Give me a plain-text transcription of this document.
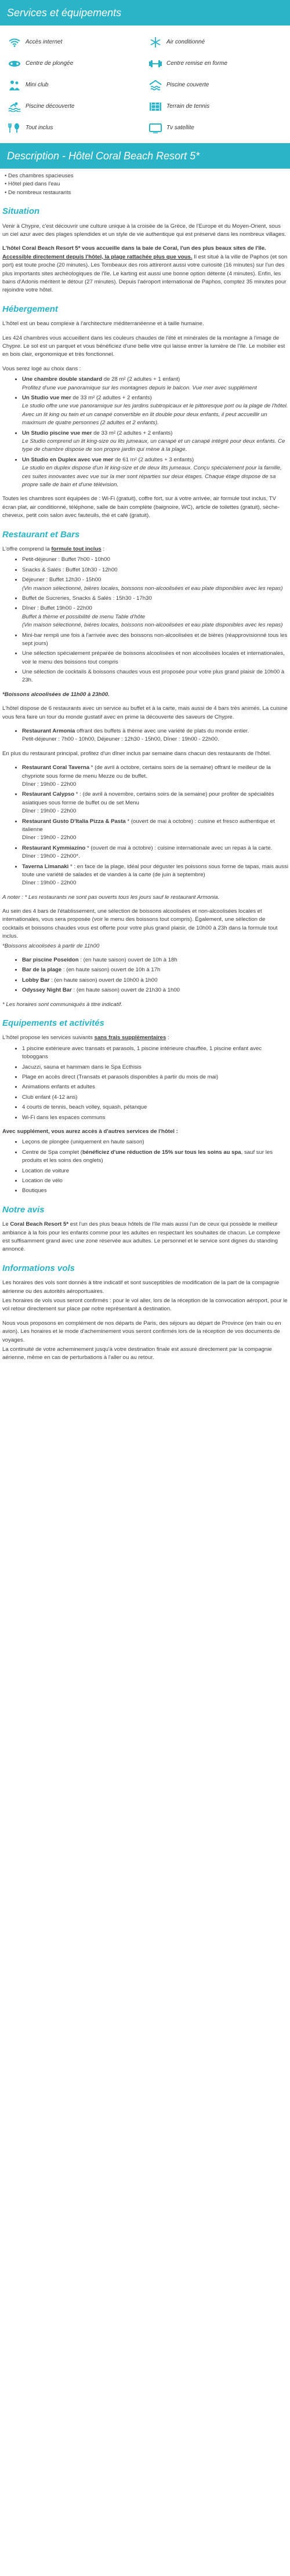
Services et équipements
Accès internet	Air conditionné
Centre de plongée	Centre remise en forme
Mini club	Piscine couverte
Piscine découverte	Terrain de tennis
Tout inclus	Tv satellite
Description - Hôtel Coral Beach Resort 5*
• Des chambres spacieuses
• Hôtel pied dans l'eau
• De nombreux restaurants
Situation

Venir à Chypre, c'est découvrir une culture unique à la croisée de la Grèce, de l'Europe et du Moyen-Orient, sous un ciel azur avec des plages splendides et un style de vie authentique qui est préservé dans les nombreux villages.

L'hôtel Coral Beach Resort 5* vous accueille dans la baie de Coral, l'un des plus beaux sites de l'île. Accessible directement depuis l'hôtel, la plage rattachée plus que vous. Il est situé à la ville de Paphos (et son port) est toute proche (20 minutes). Les Tombeaux des rois attireront aussi votre curiosité (16 minutes) sur l'un des plus importants sites archéologiques de l'île. Le karting est aussi une bonne option détente (4 minutes). Enfin, les bains d'Adonis méritent le détour (27 minutes). Depuis l'aéroport international de Paphos, comptez 35 minutes pour rejoindre votre hôtel.

Hébergement

L'hôtel est un beau complexe à l'architecture méditerranéenne et à taille humaine.

Les 424 chambres vous accueillent dans les couleurs chaudes de l'été et minérales de la montagne à l'image de Chypre. Le sol est un parquet et vous bénéficiez d'une belle vitre qui laisse entrer la lumière de l'île. Le mobilier est en bois clair, ergonomique et très fonctionnel.

Vous serez logé au choix dans :

• Une chambre double standard de 28 m² (2 adultes + 1 enfant)
Profitez d'une vue panoramique sur les montagnes depuis le balcon. Vue mer avec supplément
• Un Studio vue mer de 33 m² (2 adultes + 2 enfants)
Le studio offre une vue panoramique sur les jardins subtropicaux et le pittoresque port ou la plage de l'hôtel. Avec un lit king ou twin et un canapé convertible en lit double pour deux enfants, il peut accueillir un maximum de quatre personnes (2 adultes et 2 enfants).
• Un Studio piscine vue mer de 33 m² (2 adultes + 2 enfants)
Le Studio comprend un lit king-size ou lits jumeaux, un canapé et un canapé intégré pour deux enfants. Ce type de chambre dispose de son propre jardin qui mène à la plage.
• Un Studio en Duplex avec vue mer de 61 m² (2 adultes + 3 enfants)
Le studio en duplex dispose d'un lit king-size et de deux lits jumeaux. Conçu spécialement pour la famille, ces suites innovantes avec vue sur la mer sont réparties sur deux étages. Chaque étage dispose de sa propre salle de bain et d'une télévision.

Toutes les chambres sont équipées de : Wi-Fi (gratuit), coffre fort, sur à votre arrivée, air formule tout inclus, TV écran plat, air conditionné, téléphone, salle de bain complète (baignoire, WC), article de toilettes (gratuit), sèche-cheveux, petit coin salon avec fauteuils, thé et café (gratuit).

Restaurant et Bars

L'offre comprend la formule tout inclus :

• Petit-déjeuner : Buffet 7h00 - 10h00
• Snacks & Salés : Buffet 10h30 - 12h00
• Déjeuner : Buffet 12h30 - 15h00
(Vin maison sélectionné, bières locales, boissons non-alcoolisées et eau plate disponibles avec les repas)
• Buffet de Sucreries, Snacks & Salés : 15h30 - 17h30
• Dîner : Buffet 19h00 - 22h00
Buffet à thème et possibilité de menu Table d'hôte
(Vin maison sélectionné, bières locales, boissons non-alcoolisées et eau plate disponibles avec les repas)
• Mini-bar rempli une fois à l'arrivée avec des boissons non-alcoolisées et de bières (réapprovisionné tous les sept jours)
• Une sélection spécialement préparée de boissons alcoolisées et non alcoolisées locales et internationales, voir le menu des boissons tout compris
• Une sélection de cocktails & boissons chaudes vous est proposée pour votre plus grand plaisir de 10h00 à 23h.

*Boissons alcoolisées de 11h00 à 23h00.

L'hôtel dispose de 6 restaurants avec un service au buffet et à la carte, mais aussi de 4 bars très animés. La cuisine vous fera faire un tour du monde gustatif avec en prime la découverte des saveurs de Chypre.

• Restaurant Armonia offrant des buffets à thème avec une variété de plats du monde entier.
Petit-déjeuner : 7h00 - 10h00, Déjeuner : 12h30 - 15h00, Dîner : 19h00 - 22h00.

En plus du restaurant principal, profitez d'un dîner inclus par semaine dans chacun des restaurants de l'hôtel.

• Restaurant Coral Taverna * (de avril à octobre, certains soirs de la semaine) offrant le meilleur de la chypriote sous forme de menu Mezze ou de buffet.
Dîner : 19h00 - 22h00
• Restaurant Calypso * : (de avril à novembre, certains soirs de la semaine) pour profiter de spécialités asiatiques sous forme de buffet ou de set Menu
Dîner : 19h00 - 22h00
• Restaurant Gusto D'Italia Pizza & Pasta * (ouvert de mai à octobre) : cuisine et fresco authentique et italienne
Dîner : 19h00 - 22h00
• Restaurant Kymmiazino * (ouvert de mai à octobre) : cuisine internationale avec un repas à la carte.
Dîner : 19h00 - 22h00*.
• Taverna Limanaki * : en face de la plage, idéal pour déguster les poissons sous forme de tapas, mais aussi toute une variété de salades et de viandes à la carte (de juin à septembre)
Dîner : 19h00 - 22h00

A noter : * Les restaurants ne sont pas ouverts tous les jours sauf le restaurant Armonia.

Au sein des 4 bars de l'établissement, une sélection de boissons alcoolisées et non-alcoolisées locales et internationales, vous sera proposée (voir le menu des boissons tout compris). Également, une sélection de cocktails et boissons chaudes vous est offerte pour votre plus grand plaisir, de 10h00 à 23h dans la formule tout inclus.

*Boissons alcoolisées à partir de 11h00

• Bar piscine Poseidon : (en haute saison) ouvert de 10h à 18h
• Bar de la plage : (en haute saison) ouvert de 10h à 17h
• Lobby Bar : (en haute saison) ouvert de 10h00 à 1h00
• Odyssey Night Bar : (en haute saison) ouvert de 21h30 à 1h00

* Les horaires sont communiqués à titre indicatif.

Equipements et activités

L'hôtel propose les services suivants sans frais supplémentaires :

• 1 piscine extérieure avec transats et parasols, 1 piscine intérieure chauffée, 1 piscine enfant avec toboggans
• Jacuzzi, sauna et hammam dans le Spa Ecthisis
• Plage en accès direct (Transats et parasols disponibles à partir du mois de mai)
• Animations enfants et adultes
• Club enfant (4-12 ans)
• 4 courts de tennis, beach volley, squash, pétanque
• Wi-Fi dans les espaces communs

Avec supplément, vous aurez accès à d'autres services de l'hôtel :

• Leçons de plongée (uniquement en haute saison)
• Centre de Spa complet (bénéficiez d'une réduction de 15% sur tous les soins au spa, sauf sur les produits et les soins des onglets)
• Location de voiture
• Location de vélo
• Boutiques
Notre avis

Le Coral Beach Resort 5* est l'un des plus beaux hôtels de l'île mais aussi l'un de ceux qui possède le meilleur ambiance à la fois pour les enfants comme pour les adultes en respectant les souhaites de chacun. Le complexe est suffisamment grand avec une zone réservée aux adultes. Le personnel et le service sont dignes du standing annoncé.

Informations vols

Les horaires des vols sont donnés à titre indicatif et sont susceptibles de modification de la part de la compagnie aérienne ou des autorités aéroportuaires.

Les horaires de vols vous seront confirmés : pour le vol aller, lors de la réception de la convocation aéroport, pour le vol retour directement sur place par notre représentant à destination.

Nous vous proposons en complément de nos départs de Paris, des séjours au départ de Province (en train ou en avion). Les horaires et le mode d'acheminement vous seront confirmés lors de la réception de vos documents de voyages.

La continuité de votre acheminement jusqu'à votre destination finale est assuré directement par la compagnie aérienne, même en cas de perturbations à l'aller ou au retour.
